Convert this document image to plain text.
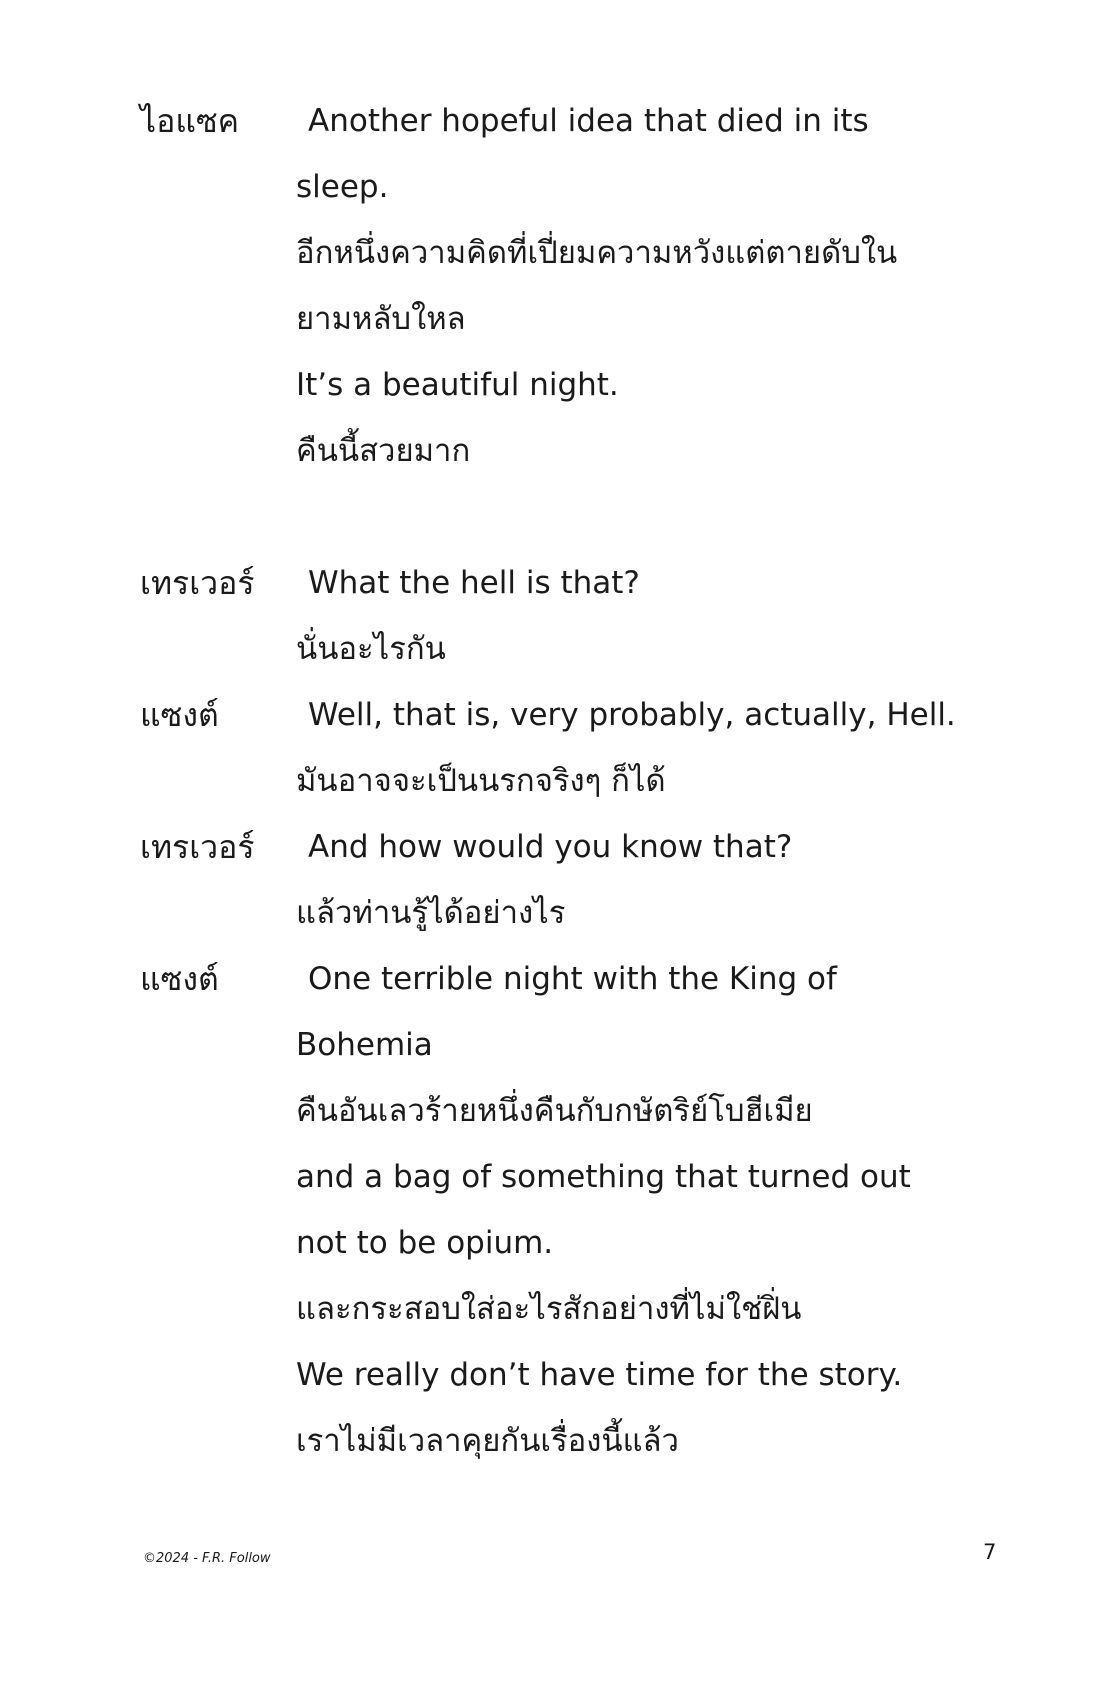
ไอแซค	Another hopeful idea that died in its
sleep.
อีกหนึ่งความคิดที่เปี่ยมความหวังแต่ตายดับใน
ยามหลับใหล
It’s a beautiful night.
คืนนี้สวยมาก
เทรเวอร์	What the hell is that?
นั่นอะไรกัน
แซงต์	Well, that is, very probably, actually, Hell.
มันอาจจะเป็นนรกจริงๆ ก็ได้
เทรเวอร์	And how would you know that?
แล้วท่านรู้ได้อย่างไร
แซงต์	One terrible night with the King of
Bohemia
คืนอันเลวร้ายหนึ่งคืนกับกษัตริย์โบฮีเมีย
and a bag of something that turned out
not to be opium.
และกระสอบใส่อะไรสักอย่างที่ไม่ใช่ฝิ่น
We really don’t have time for the story.
เราไม่มีเวลาคุยกันเรื่องนี้แล้ว
©2024 - F.R. Follow	7
